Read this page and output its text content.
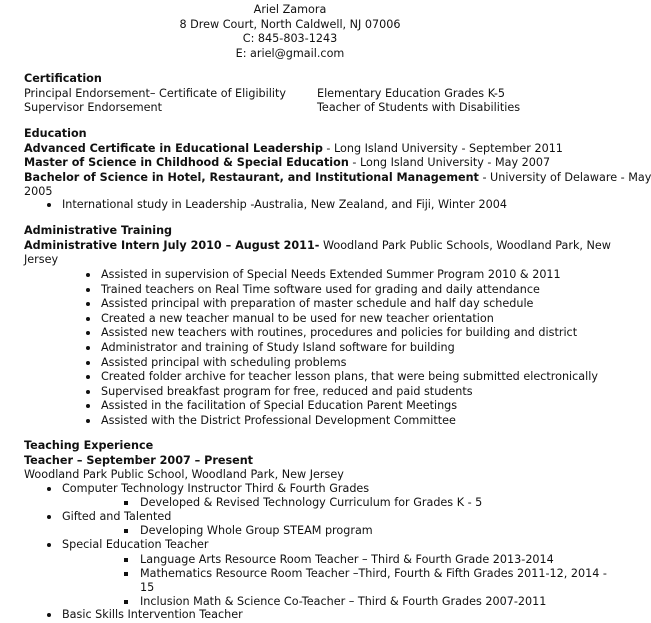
Ariel Zamora
8 Drew Court, North Caldwell, NJ 07006
C: 845-803-1243
E: ariel@gmail.com
Certification
Principal Endorsement– Certificate of Eligibility
Supervisor Endorsement
Elementary Education Grades K-5
Teacher of Students with Disabilities
Education
Advanced Certificate in Educational Leadership - Long Island University - September 2011
Master of Science in Childhood & Special Education - Long Island University - May 2007
Bachelor of Science in Hotel, Restaurant, and Institutional Management - University of Delaware - May
2005
International study in Leadership -Australia, New Zealand, and Fiji, Winter 2004
Administrative Training
Administrative Intern July 2010 – August 2011- Woodland Park Public Schools, Woodland Park, New
Jersey
Assisted in supervision of Special Needs Extended Summer Program 2010 & 2011
Trained teachers on Real Time software used for grading and daily attendance
Assisted principal with preparation of master schedule and half day schedule
Created a new teacher manual to be used for new teacher orientation
Assisted new teachers with routines, procedures and policies for building and district
Administrator and training of Study Island software for building
Assisted principal with scheduling problems
Created folder archive for teacher lesson plans, that were being submitted electronically
Supervised breakfast program for free, reduced and paid students
Assisted in the facilitation of Special Education Parent Meetings
Assisted with the District Professional Development Committee
Teaching Experience
Teacher – September 2007 – Present
Woodland Park Public School, Woodland Park, New Jersey
Computer Technology Instructor Third & Fourth Grades
Developed & Revised Technology Curriculum for Grades K - 5
Gifted and Talented
Developing Whole Group STEAM program
Special Education Teacher
Language Arts Resource Room Teacher – Third & Fourth Grade 2013-2014
Mathematics Resource Room Teacher –Third, Fourth & Fifth Grades 2011-12, 2014 -
15
Inclusion Math & Science Co-Teacher – Third & Fourth Grades 2007-2011
Basic Skills Intervention Teacher
